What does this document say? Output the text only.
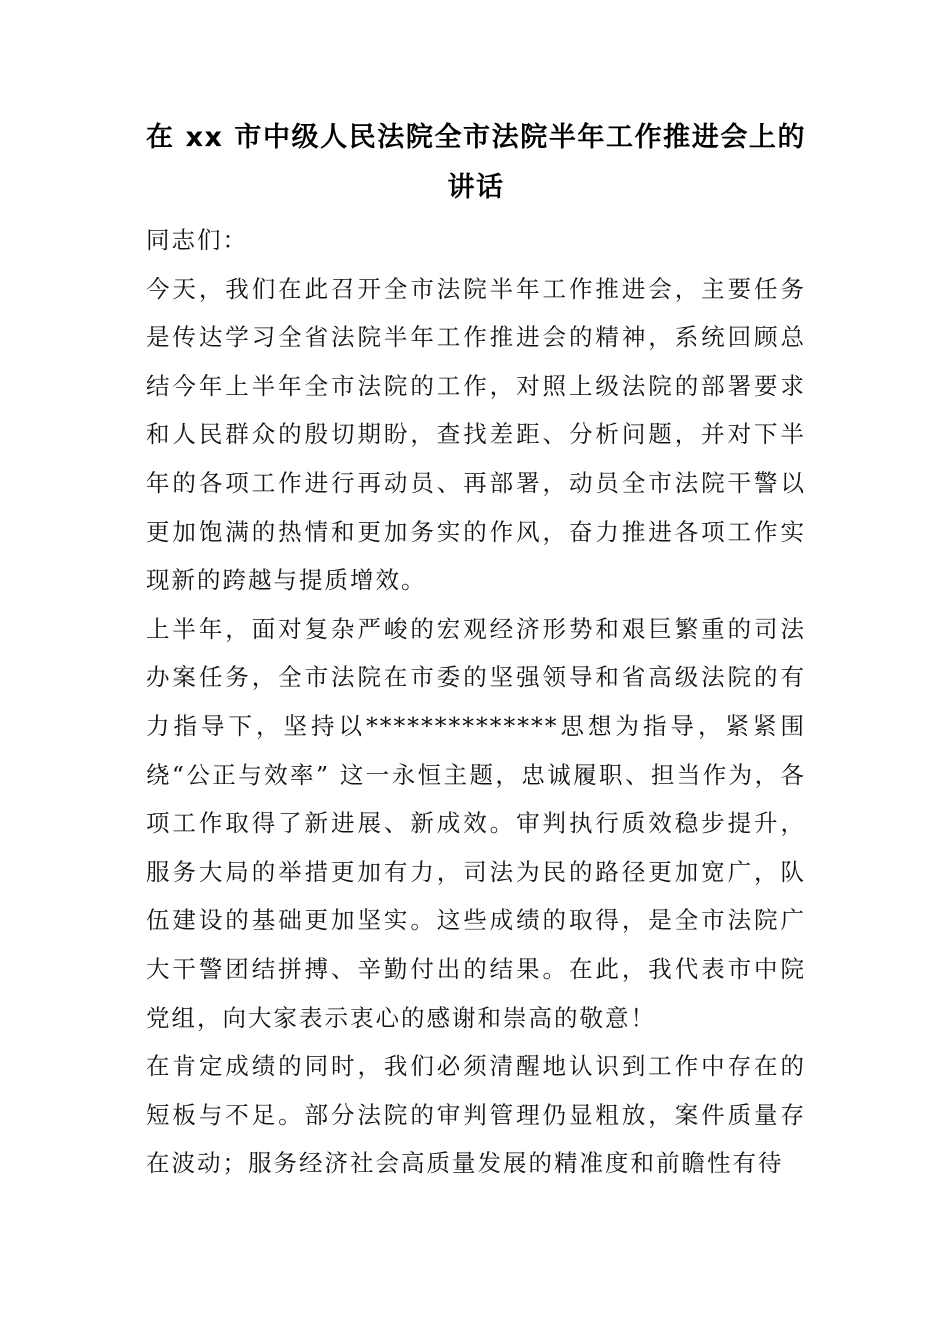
在 xx 市中级人民法院全市法院半年工作推进会上的讲话

同志们：

今天，我们在此召开全市法院半年工作推进会，主要任务是传达学习全省法院半年工作推进会的精神，系统回顾总结今年上半年全市法院的工作，对照上级法院的部署要求和人民群众的殷切期盼，查找差距、分析问题，并对下半年的各项工作进行再动员、再部署，动员全市法院干警以更加饱满的热情和更加务实的作风，奋力推进各项工作实现新的跨越与提质增效。

上半年，面对复杂严峻的宏观经济形势和艰巨繁重的司法办案任务，全市法院在市委的坚强领导和省高级法院的有力指导下，坚持以**************思想为指导，紧紧围绕“公正与效率” 这一永恒主题，忠诚履职、担当作为，各项工作取得了新进展、新成效。审判执行质效稳步提升，服务大局的举措更加有力，司法为民的路径更加宽广，队伍建设的基础更加坚实。这些成绩的取得，是全市法院广大干警团结拼搏、辛勤付出的结果。在此，我代表市中院党组，向大家表示衷心的感谢和崇高的敬意！

在肯定成绩的同时，我们必须清醒地认识到工作中存在的短板与不足。部分法院的审判管理仍显粗放，案件质量存在波动；服务经济社会高质量发展的精准度和前瞻性有待
